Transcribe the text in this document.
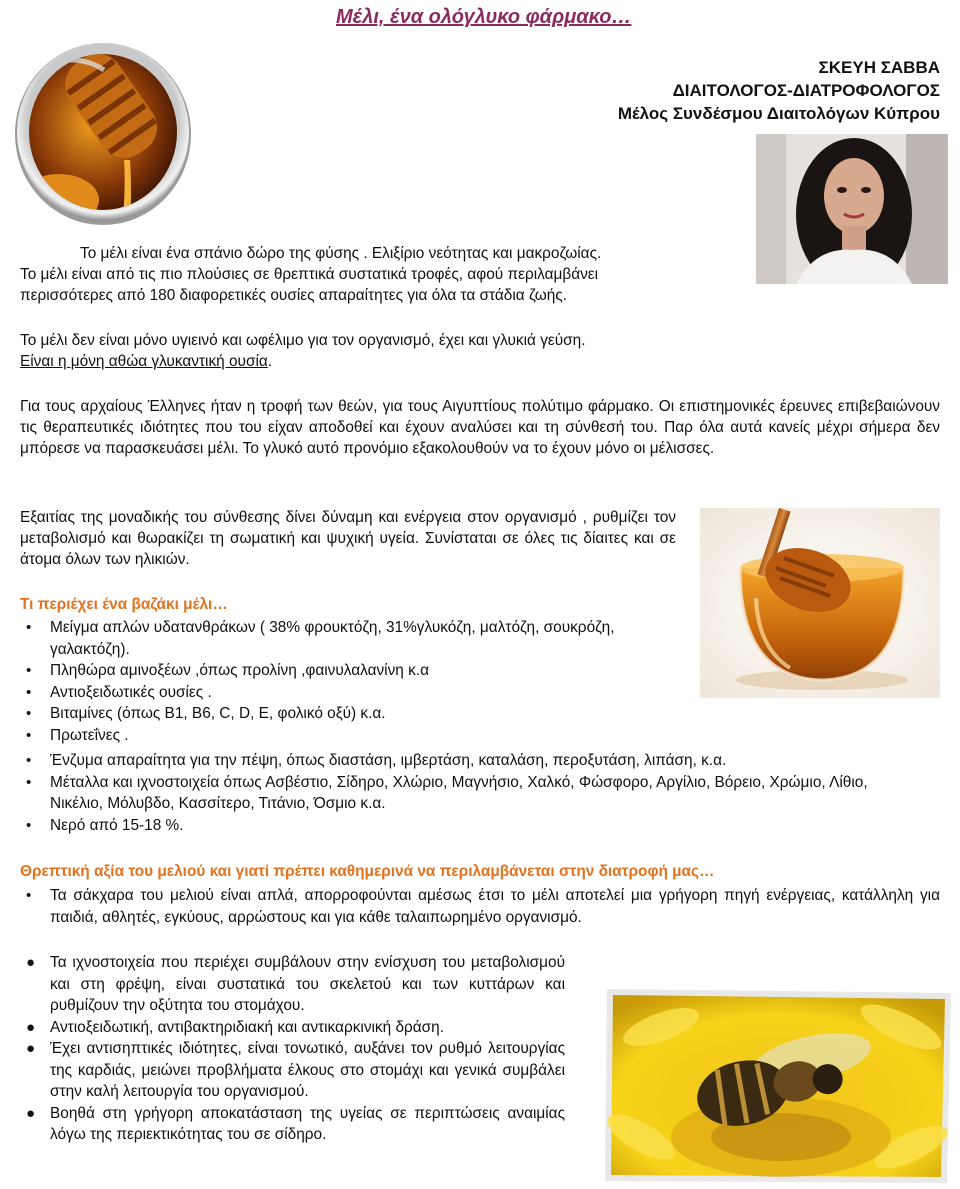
Μέλι, ένα ολόγλυκο φάρμακο…
ΣΚΕΥΗ ΣΑΒΒΑ
ΔΙΑΙΤΟΛΟΓΟΣ-ΔΙΑΤΡΟΦΟΛΟΓΟΣ
Μέλος Συνδέσμου Διαιτολόγων Κύπρου
Το μέλι είναι ένα σπάνιο δώρο της φύσης . Ελιξίριο νεότητας και μακροζωίας.
Το μέλι είναι από τις πιο πλούσιες σε θρεπτικά συστατικά τροφές, αφού περιλαμβάνει
περισσότερες από 180 διαφορετικές ουσίες απαραίτητες για όλα τα στάδια ζωής.
Το μέλι δεν είναι μόνο υγιεινό και ωφέλιμο για τον οργανισμό, έχει και γλυκιά γεύση.
Είναι η μόνη αθώα γλυκαντική ουσία.
Για τους αρχαίους Έλληνες ήταν η τροφή των θεών, για τους Αιγυπτίους πολύτιμο φάρμακο. Οι επιστημονικές έρευνες επιβεβαιώνουν τις θεραπευτικές ιδιότητες που του είχαν αποδοθεί και έχουν αναλύσει και τη σύνθεσή του. Παρ όλα αυτά κανείς μέχρι σήμερα δεν μπόρεσε να παρασκευάσει μέλι. Το γλυκό αυτό προνόμιο εξακολουθούν να το έχουν μόνο οι μέλισσες.
Εξαιτίας της μοναδικής του σύνθεσης δίνει δύναμη και ενέργεια στον οργανισμό , ρυθμίζει τον μεταβολισμό και θωρακίζει τη σωματική και ψυχική υγεία. Συνίσταται σε όλες τις δίαιτες και σε άτομα όλων των ηλικιών.
Τι περιέχει ένα βαζάκι μέλι…
• Μείγμα απλών υδατανθράκων ( 38% φρουκτόζη, 31%γλυκόζη, μαλτόζη, σουκρόζη, γαλακτόζη).
• Πληθώρα αμινοξέων ,όπως προλίνη ,φαινυλαλανίνη κ.α
• Αντιοξειδωτικές ουσίες .
• Βιταμίνες (όπως Β1, Β6, C, D, E, φολικό οξύ) κ.α.
• Πρωτεΐνες .
• Ένζυμα απαραίτητα για την πέψη, όπως διαστάση, ιμβερτάση, καταλάση, περοξυτάση, λιπάση, κ.α.
• Μέταλλα και ιχνοστοιχεία όπως Ασβέστιο, Σίδηρο, Χλώριο, Μαγνήσιο, Χαλκό, Φώσφορο, Αργίλιο, Βόρειο, Χρώμιο, Λίθιο, Νικέλιο, Μόλυβδο, Κασσίτερο, Τιτάνιο, Όσμιο κ.α.
• Νερό από 15-18 %.
Θρεπτική αξία του μελιού και γιατί πρέπει καθημερινά να περιλαμβάνεται στην διατροφή μας…
• Τα σάκχαρα του μελιού είναι απλά, απορροφούνται αμέσως έτσι το μέλι αποτελεί μια γρήγορη πηγή ενέργειας, κατάλληλη για παιδιά, αθλητές, εγκύους, αρρώστους και για κάθε ταλαιπωρημένο οργανισμό.
● Τα ιχνοστοιχεία που περιέχει συμβάλουν στην ενίσχυση του μεταβολισμού και στη φρέψη, είναι συστατικά του σκελετού και των κυττάρων και ρυθμίζουν την οξύτητα του στομάχου.
● Αντιοξειδωτική, αντιβακτηριδιακή και αντικαρκινική δράση.
● Έχει αντισηπτικές ιδιότητες, είναι τονωτικό, αυξάνει τον ρυθμό λειτουργίας της καρδιάς, μειώνει προβλήματα έλκους στο στομάχι και γενικά συμβάλει στην καλή λειτουργία του οργανισμού.
● Βοηθά στη γρήγορη αποκατάσταση της υγείας σε περιπτώσεις αναιμίας λόγω της περιεκτικότητας του σε σίδηρο.
